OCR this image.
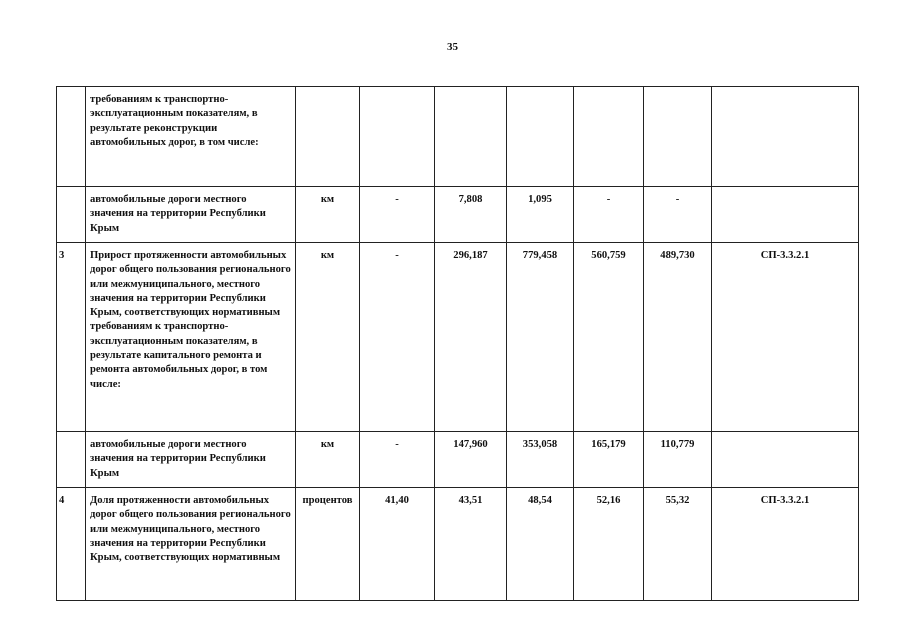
35
	требованиям к транспортно-эксплуатационным показателям, в результате реконструкции автомобильных дорог, в том числе:							
	автомобильные дороги местного значения на территории Республики Крым	км	-	7,808	1,095	-	-	
3	Прирост протяженности автомобильных дорог общего пользования регионального или межмуниципального, местного значения на территории Республики Крым, соответствующих нормативным требованиям к транспортно-эксплуатационным показателям, в результате капитального ремонта и ремонта автомобильных дорог, в том числе:	км	-	296,187	779,458	560,759	489,730	СП-3.3.2.1
	автомобильные дороги местного значения на территории Республики Крым	км	-	147,960	353,058	165,179	110,779	
4	Доля протяженности автомобильных дорог общего пользования регионального или межмуниципального, местного значения на территории Республики Крым, соответствующих нормативным	процентов	41,40	43,51	48,54	52,16	55,32	СП-3.3.2.1
